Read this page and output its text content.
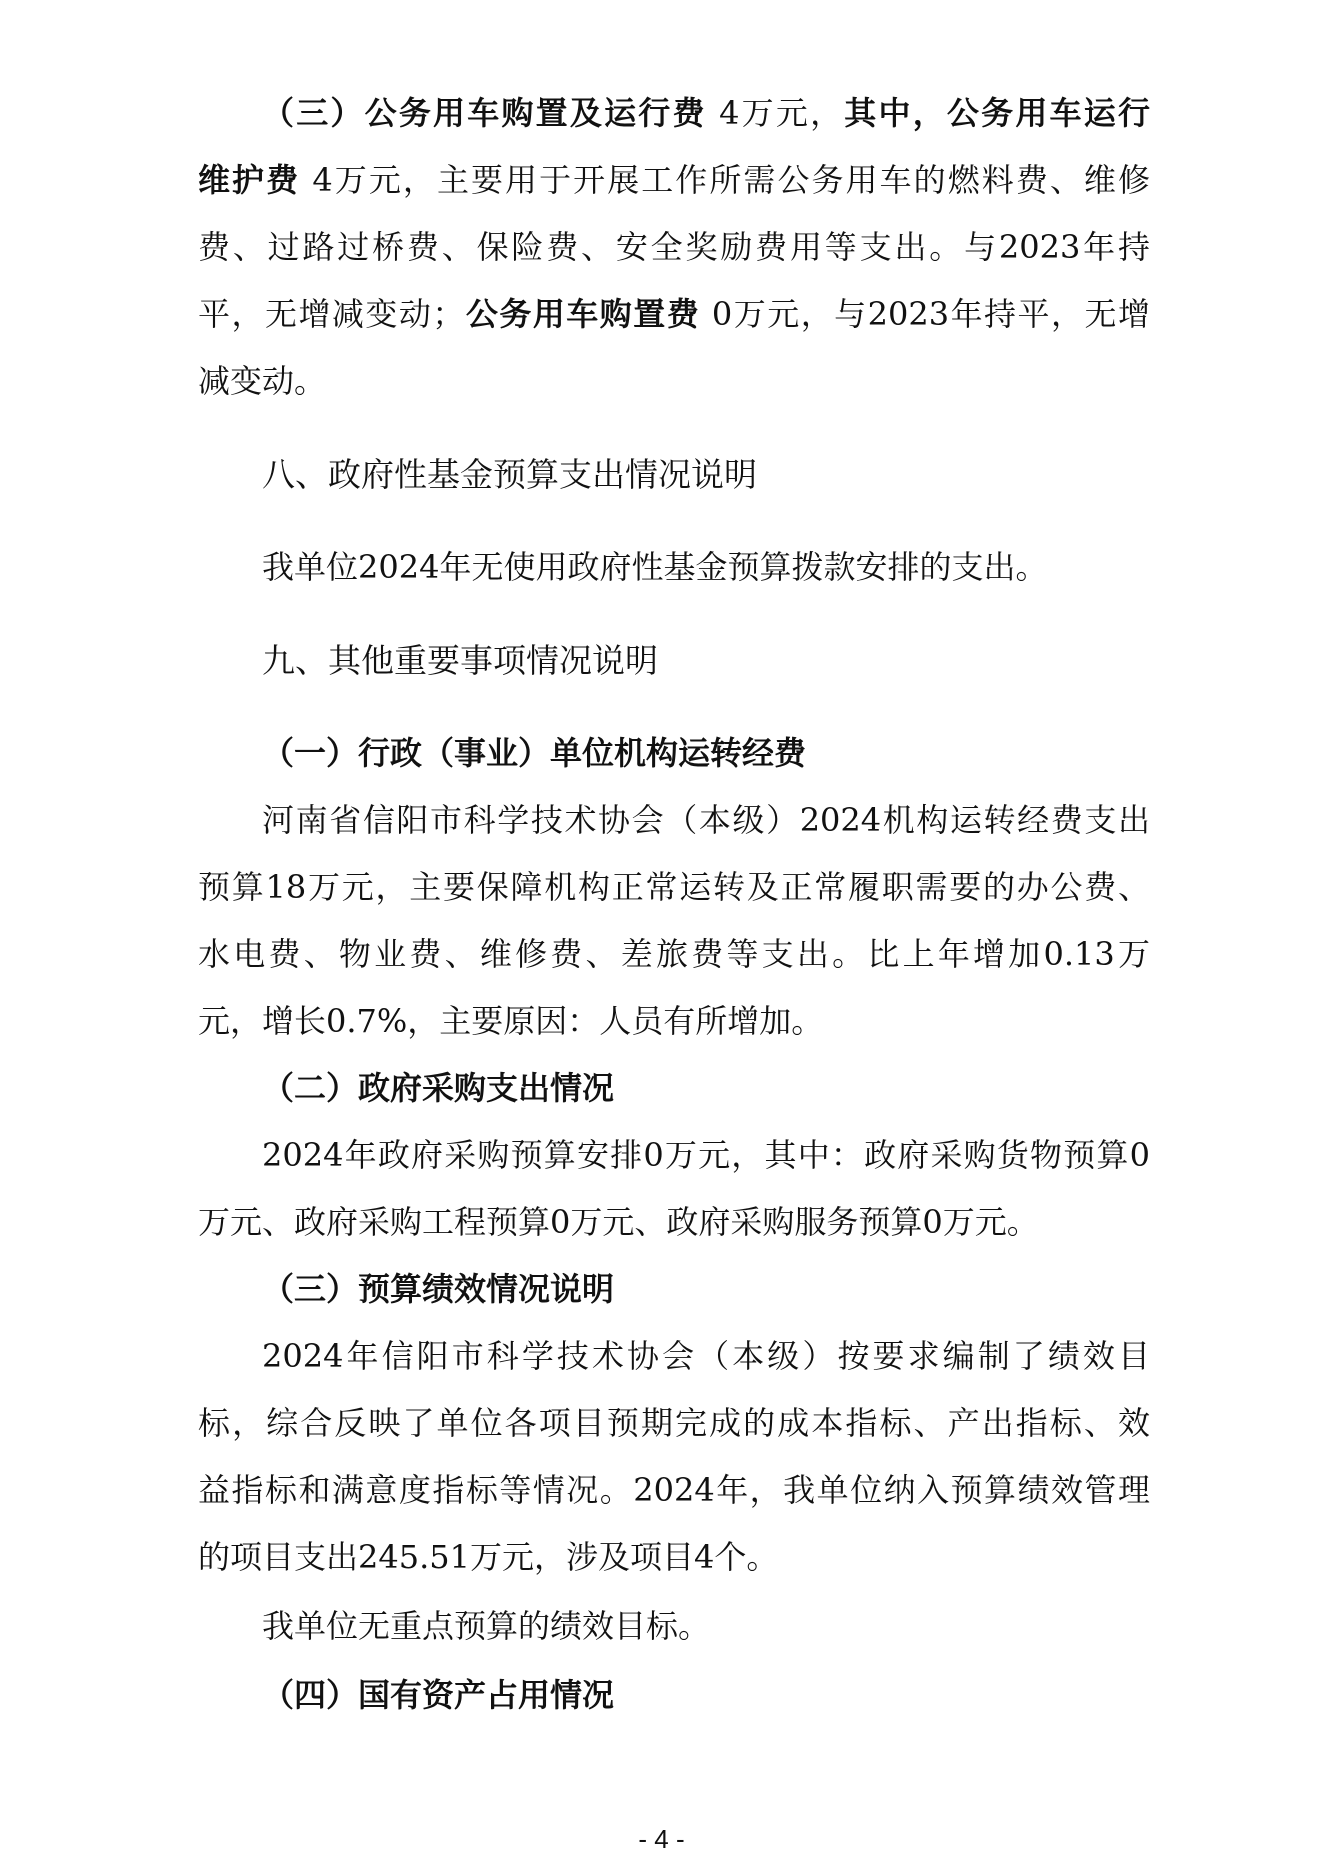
（三）公务用车购置及运行费 4万元，其中，公务用车运行
维护费 4万元，主要用于开展工作所需公务用车的燃料费、维修
费、过路过桥费、保险费、安全奖励费用等支出。与2023年持
平，无增减变动；公务用车购置费 0万元，与2023年持平，无增
减变动。
八、政府性基金预算支出情况说明
我单位2024年无使用政府性基金预算拨款安排的支出。
九、其他重要事项情况说明
（一）行政（事业）单位机构运转经费
河南省信阳市科学技术协会（本级）2024机构运转经费支出
预算18万元，主要保障机构正常运转及正常履职需要的办公费、
水电费、物业费、维修费、差旅费等支出。比上年增加0.13万
元，增长0.7%，主要原因：人员有所增加。
（二）政府采购支出情况
2024年政府采购预算安排0万元，其中：政府采购货物预算0
万元、政府采购工程预算0万元、政府采购服务预算0万元。
（三）预算绩效情况说明
2024年信阳市科学技术协会（本级）按要求编制了绩效目
标，综合反映了单位各项目预期完成的成本指标、产出指标、效
益指标和满意度指标等情况。2024年，我单位纳入预算绩效管理
的项目支出245.51万元，涉及项目4个。
我单位无重点预算的绩效目标。
（四）国有资产占用情况
- 4 -
